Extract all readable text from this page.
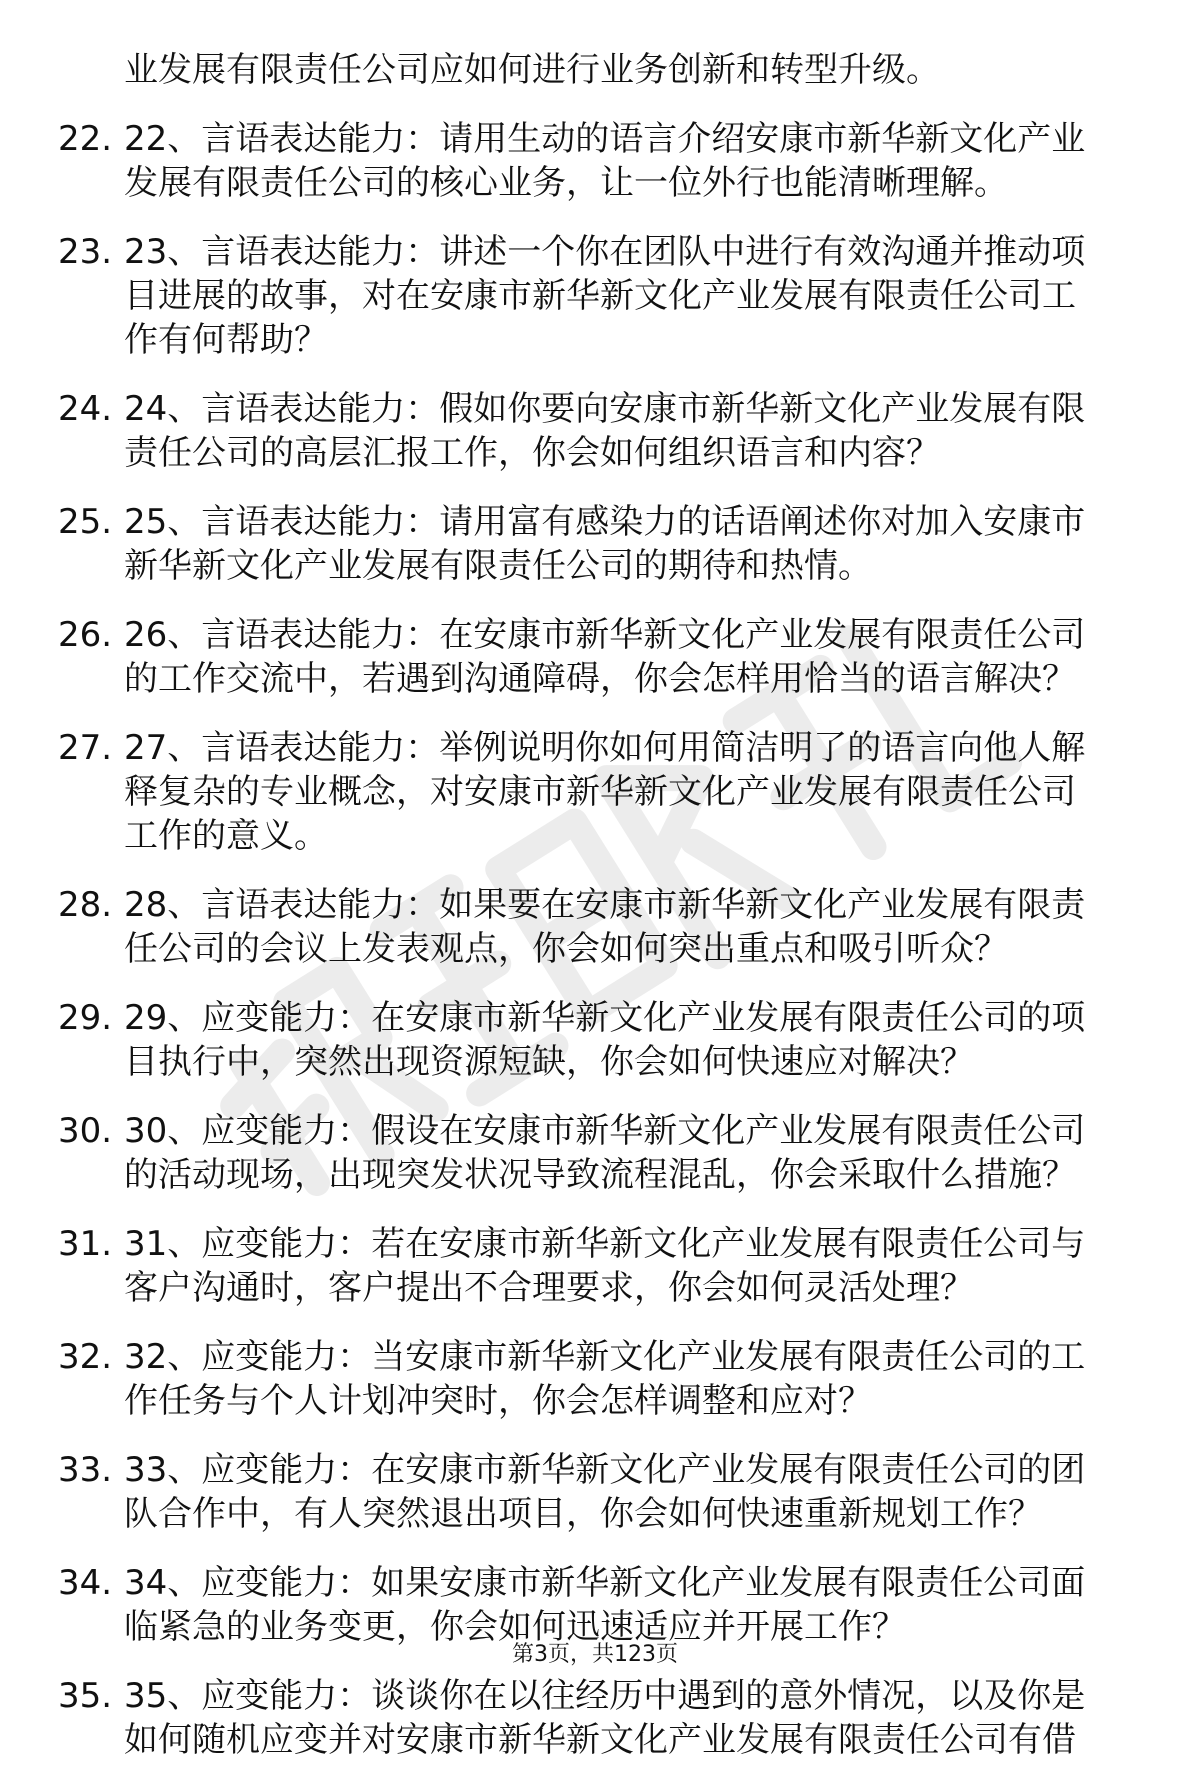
业发展有限责任公司应如何进行业务创新和转型升级。
22. 22、言语表达能力：请用生动的语言介绍安康市新华新文化产业
发展有限责任公司的核心业务，让一位外行也能清晰理解。
23. 23、言语表达能力：讲述一个你在团队中进行有效沟通并推动项
目进展的故事，对在安康市新华新文化产业发展有限责任公司工
作有何帮助？
24. 24、言语表达能力：假如你要向安康市新华新文化产业发展有限
责任公司的高层汇报工作，你会如何组织语言和内容？
25. 25、言语表达能力：请用富有感染力的话语阐述你对加入安康市
新华新文化产业发展有限责任公司的期待和热情。
26. 26、言语表达能力：在安康市新华新文化产业发展有限责任公司
的工作交流中，若遇到沟通障碍，你会怎样用恰当的语言解决？
27. 27、言语表达能力：举例说明你如何用简洁明了的语言向他人解
释复杂的专业概念，对安康市新华新文化产业发展有限责任公司
工作的意义。
28. 28、言语表达能力：如果要在安康市新华新文化产业发展有限责
任公司的会议上发表观点，你会如何突出重点和吸引听众？
29. 29、应变能力：在安康市新华新文化产业发展有限责任公司的项
目执行中，突然出现资源短缺，你会如何快速应对解决？
30. 30、应变能力：假设在安康市新华新文化产业发展有限责任公司
的活动现场，出现突发状况导致流程混乱，你会采取什么措施？
31. 31、应变能力：若在安康市新华新文化产业发展有限责任公司与
客户沟通时，客户提出不合理要求，你会如何灵活处理？
32. 32、应变能力：当安康市新华新文化产业发展有限责任公司的工
作任务与个人计划冲突时，你会怎样调整和应对？
33. 33、应变能力：在安康市新华新文化产业发展有限责任公司的团
队合作中，有人突然退出项目，你会如何快速重新规划工作？
34. 34、应变能力：如果安康市新华新文化产业发展有限责任公司面
临紧急的业务变更，你会如何迅速适应并开展工作？
35. 35、应变能力：谈谈你在以往经历中遇到的意外情况，以及你是
如何随机应变并对安康市新华新文化产业发展有限责任公司有借
第3页，共123页
